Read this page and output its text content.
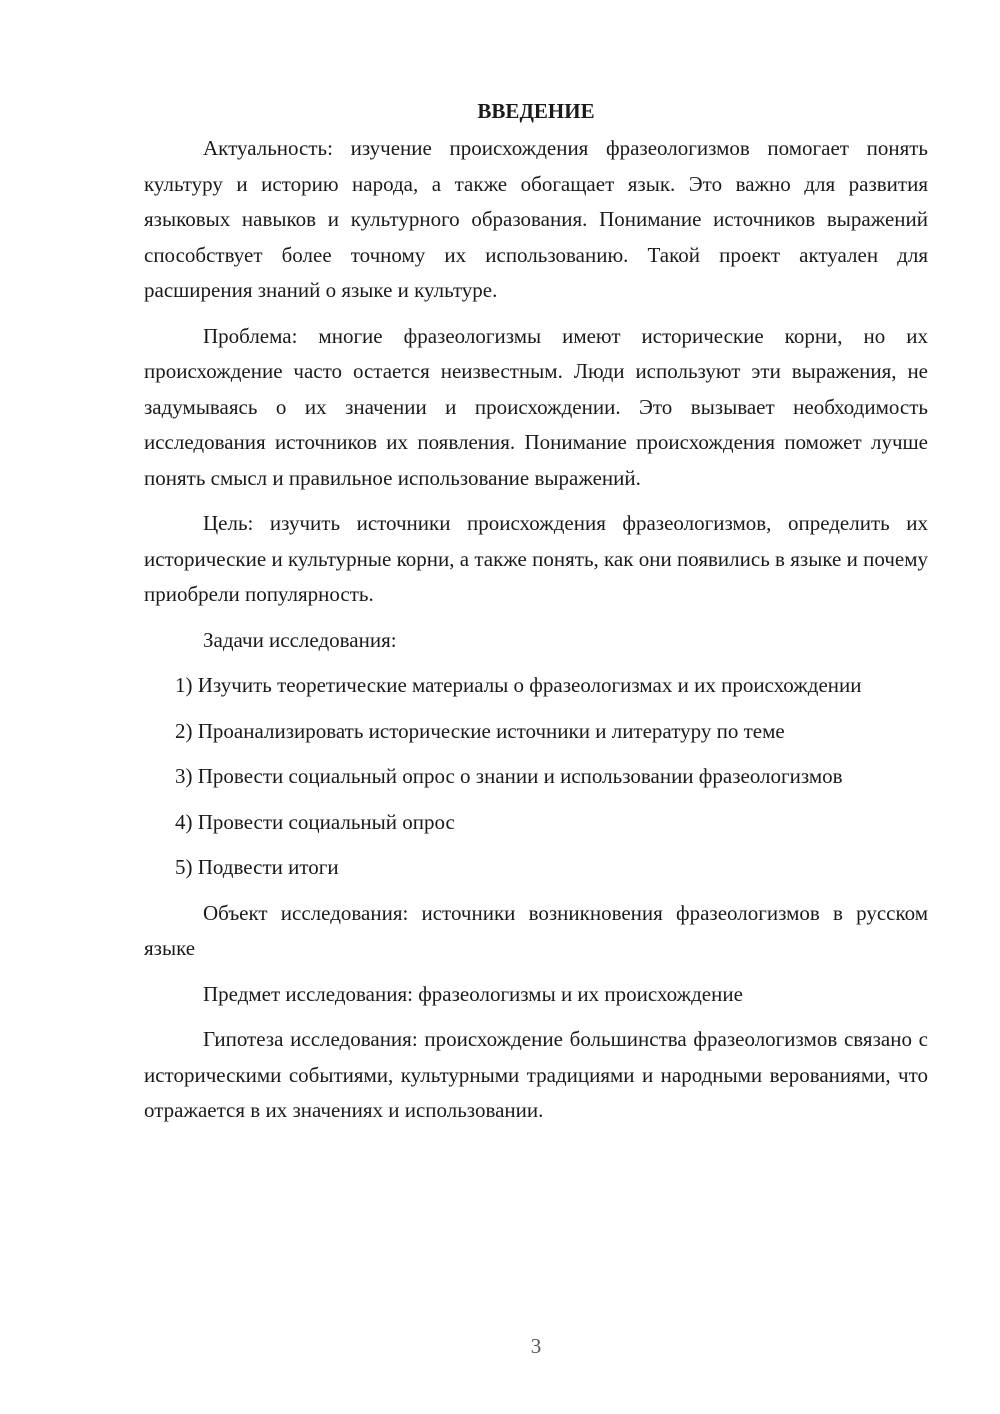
ВВЕДЕНИЕ

Актуальность: изучение происхождения фразеологизмов помогает понять культуру и историю народа, а также обогащает язык. Это важно для развития языковых навыков и культурного образования. Понимание источников выражений способствует более точному их использованию. Такой проект актуален для расширения знаний о языке и культуре.

Проблема: многие фразеологизмы имеют исторические корни, но их происхождение часто остается неизвестным. Люди используют эти выражения, не задумываясь о их значении и происхождении. Это вызывает необходимость исследования источников их появления. Понимание происхождения поможет лучше понять смысл и правильное использование выражений.

Цель: изучить источники происхождения фразеологизмов, определить их исторические и культурные корни, а также понять, как они появились в языке и почему приобрели популярность.

Задачи исследования:

1) Изучить теоретические материалы о фразеологизмах и их происхождении

2) Проанализировать исторические источники и литературу по теме

3) Провести социальный опрос о знании и использовании фразеологизмов

4) Провести социальный опрос

5) Подвести итоги

Объект исследования: источники возникновения фразеологизмов в русском языке

Предмет исследования: фразеологизмы и их происхождение

Гипотеза исследования: происхождение большинства фразеологизмов связано с историческими событиями, культурными традициями и народными верованиями, что отражается в их значениях и использовании.

3
